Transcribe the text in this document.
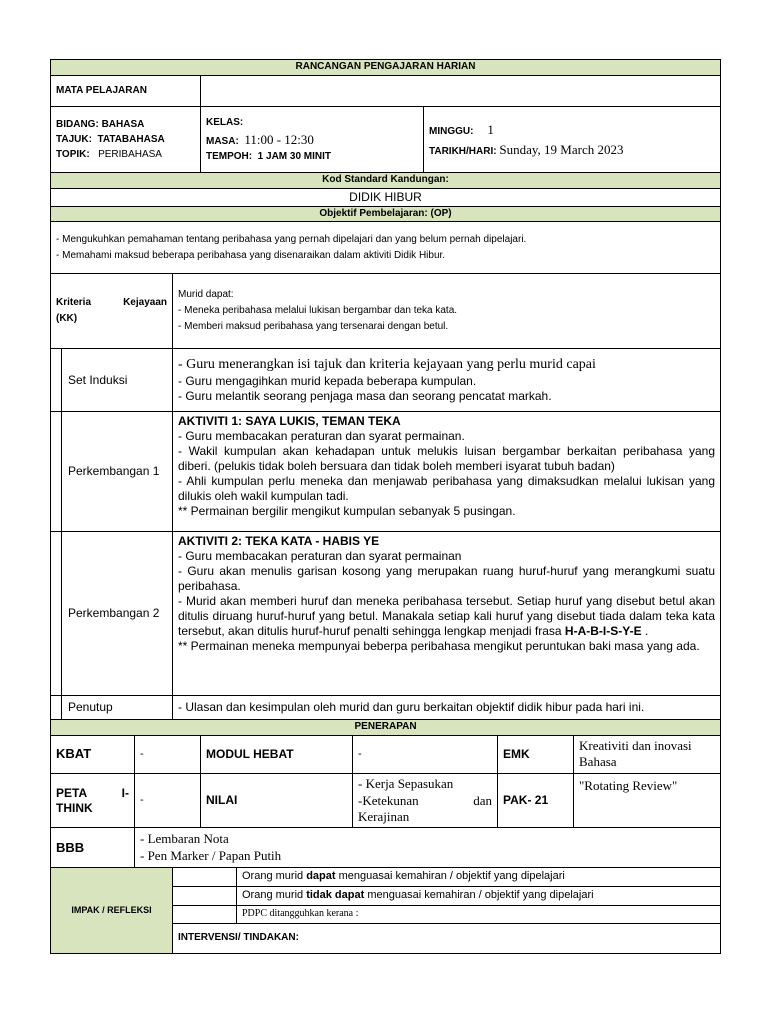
RANCANGAN PENGAJARAN HARIAN		
MATA PELAJARAN		

BIDANG: BAHASA
TAJUK: TATABAHASA
TOPIK: PERIBAHASA	KELAS:
MASA: 11:00 - 12:30
TEMPOH: 1 JAM 30 MINIT	MINGGU: 1
TARIKH/HARI: Sunday, 19 March 2023

Kod Standard Kandungan:		
DIDIK HIBUR		
Objektif Pembelajaran: (OP)		

- Mengukuhkan pemahaman tentang peribahasa yang pernah dipelajari dan yang belum pernah dipelajari.
- Memahami maksud beberapa peribahasa yang disenaraikan dalam aktiviti Didik Hibur.		
Kriteria Kejayaan
(KK)		Murid dapat:
- Meneka peribahasa melalui lukisan bergambar dan teka kata.
- Memberi maksud peribahasa yang tersenarai dengan betul.

	Set Induksi	- Guru menerangkan isi tajuk dan kriteria kejayaan yang perlu murid capai
- Guru mengagihkan murid kepada beberapa kumpulan.
- Guru melantik seorang penjaga masa dan seorang pencatat markah.

	Perkembangan 1	AKTIVITI 1: SAYA LUKIS, TEMAN TEKA
- Guru membacakan peraturan dan syarat permainan.
- Wakil kumpulan akan kehadapan untuk melukis luisan bergambar berkaitan peribahasa yang diberi. (pelukis tidak boleh bersuara dan tidak boleh memberi isyarat tubuh badan)
- Ahli kumpulan perlu meneka dan menjawab peribahasa yang dimaksudkan melalui lukisan yang dilukis oleh wakil kumpulan tadi.
** Permainan bergilir mengikut kumpulan sebanyak 5 pusingan.

	Perkembangan 2	AKTIVITI 2: TEKA KATA - HABIS YE
- Guru membacakan peraturan dan syarat permainan
- Guru akan menulis garisan kosong yang merupakan ruang huruf-huruf yang merangkumi suatu peribahasa.
- Murid akan memberi huruf dan meneka peribahasa tersebut. Setiap huruf yang disebut betul akan ditulis diruang huruf-huruf yang betul. Manakala setiap kali huruf yang disebut tiada dalam teka kata tersebut, akan ditulis huruf-huruf penalti sehingga lengkap menjadi frasa H-A-B-I-S-Y-E .
** Permainan meneka mempunyai beberpa peribahasa mengikut peruntukan baki masa yang ada.

	Penutup	- Ulasan dan kesimpulan oleh murid dan guru berkaitan objektif didik hibur pada hari ini.
PENERAPAN					
KBAT	-	MODUL HEBAT	-	EMK	Kreativiti dan inovasi Bahasa

PETA I-
THINK	-	NILAI	- Kerja Sepasukan
-Ketekunan dan
Kerajinan	PAK- 21	"Rotating Review"
BBB	- Lembaran Nota
- Pen Marker / Papan Putih				
IMPAK / REFLEKSI		Orang murid dapat menguasai kemahiran / objektif yang dipelajari
		Orang murid tidak dapat menguasai kemahiran / objektif yang dipelajari
		PDPC ditangguhkan kerana :
	INTERVENSI/ TINDAKAN:	
